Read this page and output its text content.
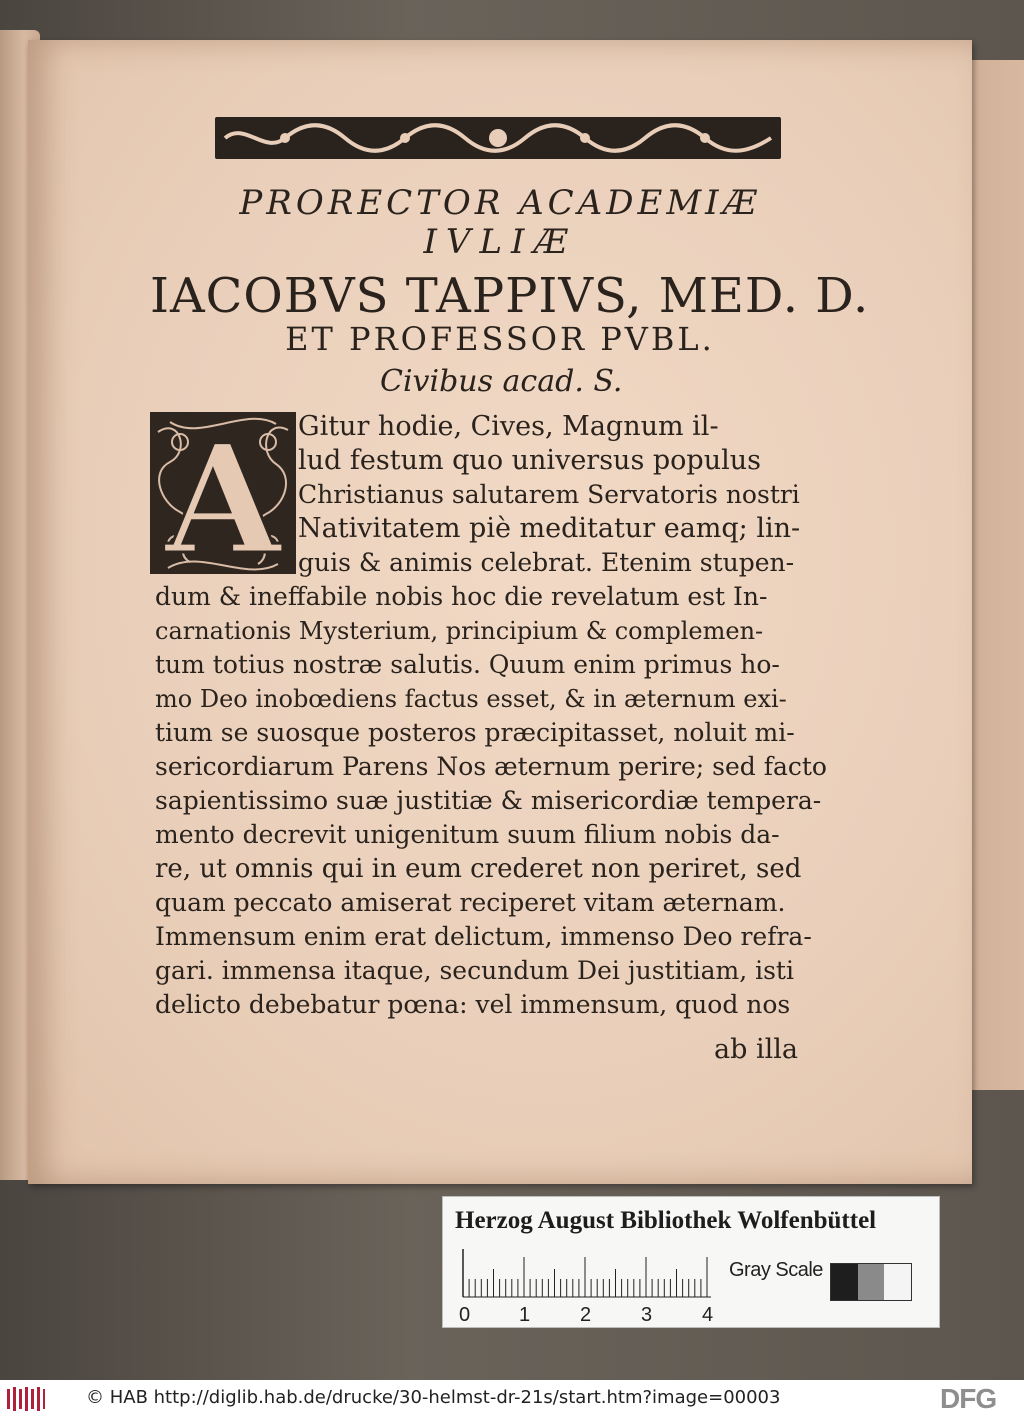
PRORECTOR ACADEMIÆ
IVLIÆ
IACOBVS TAPPIVS, MED. D.
ET PROFESSOR PVBL.
Civibus acad. S.
A Gitur hodie, Cives, Magnum il-
lud festum quo universus populus
Christianus salutarem Servatoris nostri
Nativitatem piè meditatur eamq; lin-
guis & animis celebrat. Etenim stupen-
dum & ineffabile nobis hoc die revelatum est In-
carnationis Mysterium, principium & complemen-
tum totius nostræ salutis. Quum enim primus ho-
mo Deo inobœdiens factus esset, & in æternum exi-
tium se suosque posteros præcipitasset, noluit mi-
sericordiarum Parens Nos æternum perire; sed facto
sapientissimo suæ justitiæ & misericordiæ tempera-
mento decrevit unigenitum suum filium nobis da-
re, ut omnis qui in eum crederet non periret, sed
quam peccato amiserat reciperet vitam æternam.
Immensum enim erat delictum, immenso Deo refra-
gari. immensa itaque, secundum Dei justitiam, isti
delicto debebatur pœna: vel immensum, quod nos
ab illa
Herzog August Bibliothek Wolfenbüttel
0 1 2 3 4
Gray Scale
© HAB http://diglib.hab.de/drucke/30-helmst-dr-21s/start.htm?image=00003	DFG
